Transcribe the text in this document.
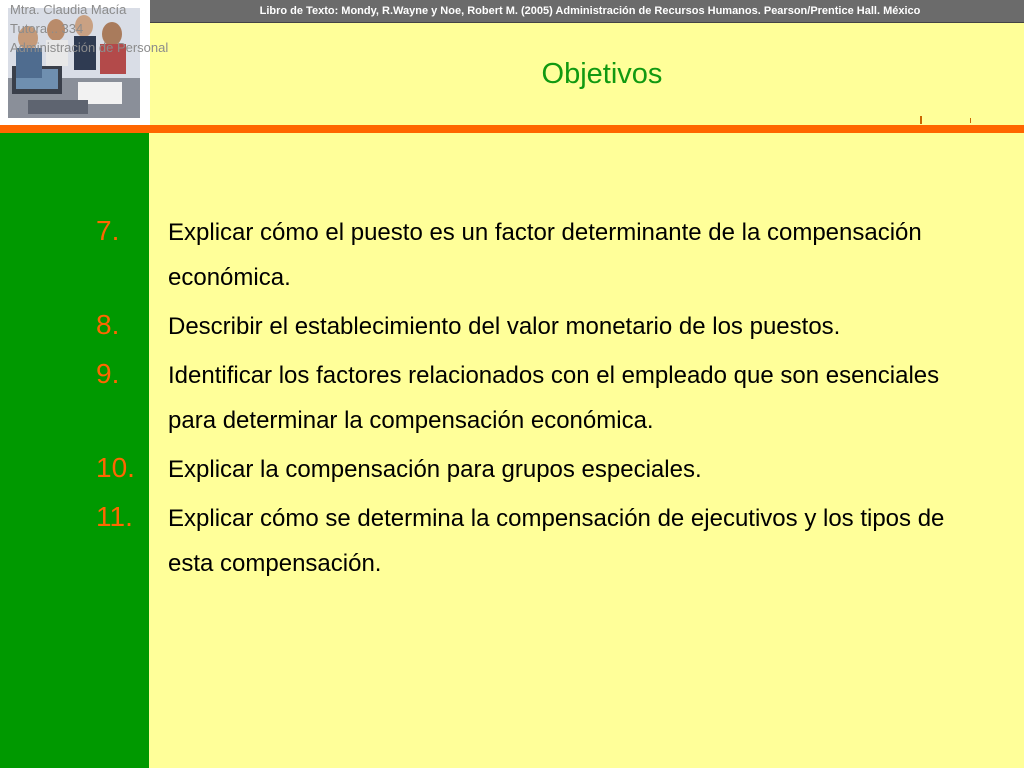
Mtra. Claudia Macía
Tutora .. 334
Administración de Personal
Libro de Texto: Mondy, R.Wayne y Noe, Robert M. (2005) Administración de Recursos Humanos. Pearson/Prentice Hall. México
Objetivos
7.	Explicar cómo el puesto es un factor determinante de la compensación económica.
8.	Describir el establecimiento del valor monetario de los puestos.
9.	Identificar los factores relacionados con el empleado que son esenciales para determinar la compensación económica.
10.	Explicar la compensación para grupos especiales.
11.	Explicar cómo se determina la compensación de ejecutivos y los tipos de esta compensación.
